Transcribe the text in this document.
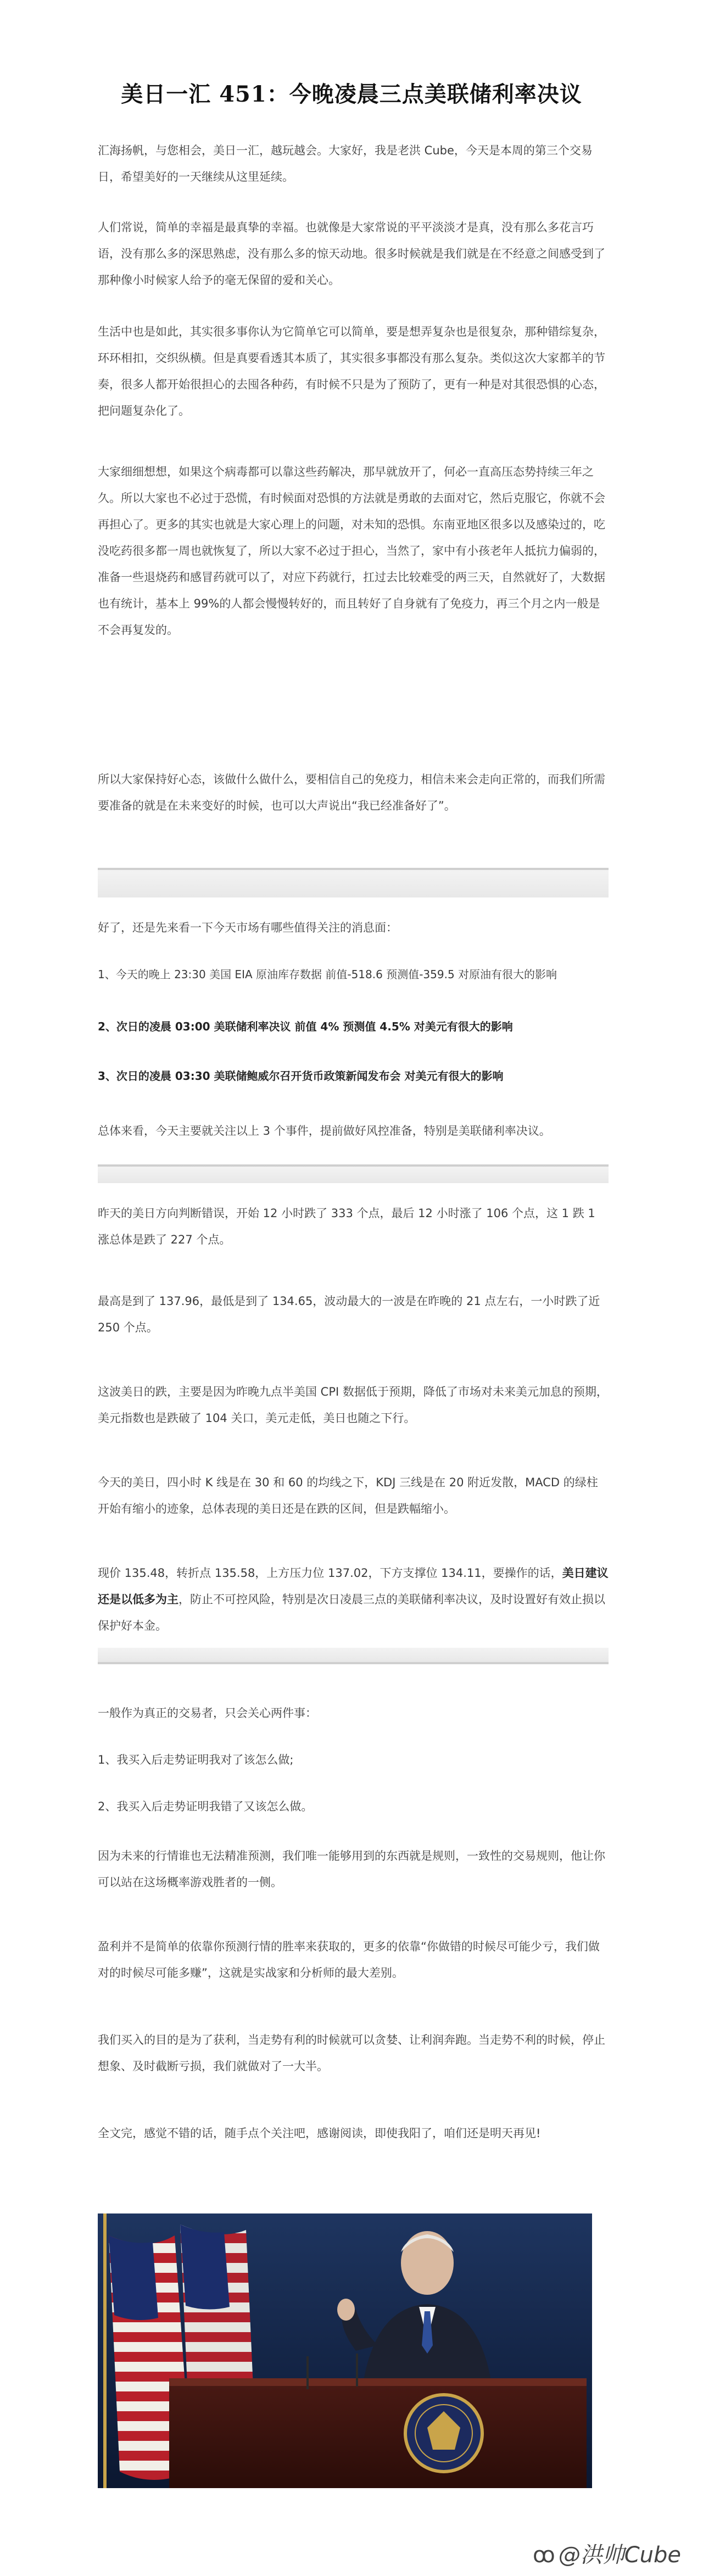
美日一汇 451：今晚凌晨三点美联储利率决议

汇海扬帆，与您相会，美日一汇，越玩越会。大家好，我是老洪 Cube，今天是本周的第三个交易日，希望美好的一天继续从这里延续。

人们常说，简单的幸福是最真挚的幸福。也就像是大家常说的平平淡淡才是真，没有那么多花言巧语，没有那么多的深思熟虑，没有那么多的惊天动地。很多时候就是我们就是在不经意之间感受到了那种像小时候家人给予的毫无保留的爱和关心。

生活中也是如此，其实很多事你认为它简单它可以简单，要是想弄复杂也是很复杂，那种错综复杂，环环相扣，交织纵横。但是真要看透其本质了，其实很多事都没有那么复杂。类似这次大家都羊的节奏，很多人都开始很担心的去囤各种药，有时候不只是为了预防了，更有一种是对其很恐惧的心态，把问题复杂化了。

大家细细想想，如果这个病毒都可以靠这些药解决，那早就放开了，何必一直高压态势持续三年之久。所以大家也不必过于恐慌，有时候面对恐惧的方法就是勇敢的去面对它，然后克服它，你就不会再担心了。更多的其实也就是大家心理上的问题，对未知的恐惧。东南亚地区很多以及感染过的，吃没吃药很多都一周也就恢复了，所以大家不必过于担心，当然了，家中有小孩老年人抵抗力偏弱的，准备一些退烧药和感冒药就可以了，对应下药就行，扛过去比较难受的两三天，自然就好了，大数据也有统计，基本上 99%的人都会慢慢转好的，而且转好了自身就有了免疫力，再三个月之内一般是不会再复发的。

所以大家保持好心态，该做什么做什么，要相信自己的免疫力，相信未来会走向正常的，而我们所需要准备的就是在未来变好的时候，也可以大声说出“我已经准备好了”。

好了，还是先来看一下今天市场有哪些值得关注的消息面：

1、今天的晚上 23:30 美国 EIA 原油库存数据 前值-518.6 预测值-359.5 对原油有很大的影响

2、次日的凌晨 03:00 美联储利率决议 前值 4% 预测值 4.5% 对美元有很大的影响

3、次日的凌晨 03:30 美联储鲍威尔召开货币政策新闻发布会 对美元有很大的影响

总体来看，今天主要就关注以上 3 个事件，提前做好风控准备，特别是美联储利率决议。

昨天的美日方向判断错误，开始 12 小时跌了 333 个点，最后 12 小时涨了 106 个点，这 1 跌 1 涨总体是跌了 227 个点。

最高是到了 137.96，最低是到了 134.65，波动最大的一波是在昨晚的 21 点左右，一小时跌了近 250 个点。

这波美日的跌，主要是因为昨晚九点半美国 CPI 数据低于预期，降低了市场对未来美元加息的预期，美元指数也是跌破了 104 关口，美元走低，美日也随之下行。

今天的美日，四小时 K 线是在 30 和 60 的均线之下，KDJ 三线是在 20 附近发散，MACD 的绿柱开始有缩小的迹象，总体表现的美日还是在跌的区间，但是跌幅缩小。

现价 135.48，转折点 135.58，上方压力位 137.02，下方支撑位 134.11，要操作的话，美日建议还是以低多为主，防止不可控风险，特别是次日凌晨三点的美联储利率决议，及时设置好有效止损以保护好本金。

一般作为真正的交易者，只会关心两件事：

1、我买入后走势证明我对了该怎么做;

2、我买入后走势证明我错了又该怎么做。

因为未来的行情谁也无法精准预测，我们唯一能够用到的东西就是规则，一致性的交易规则，他让你可以站在这场概率游戏胜者的一侧。

盈利并不是简单的依靠你预测行情的胜率来获取的，更多的依靠“你做错的时候尽可能少亏，我们做对的时候尽可能多赚”，这就是实战家和分析师的最大差别。

我们买入的目的是为了获利，当走势有利的时候就可以贪婪、让利润奔跑。当走势不利的时候，停止想象、及时截断亏损，我们就做对了一大半。

全文完，感觉不错的话，随手点个关注吧，感谢阅读，即使我阳了，咱们还是明天再见!

ꝏ @洪帅Cube
